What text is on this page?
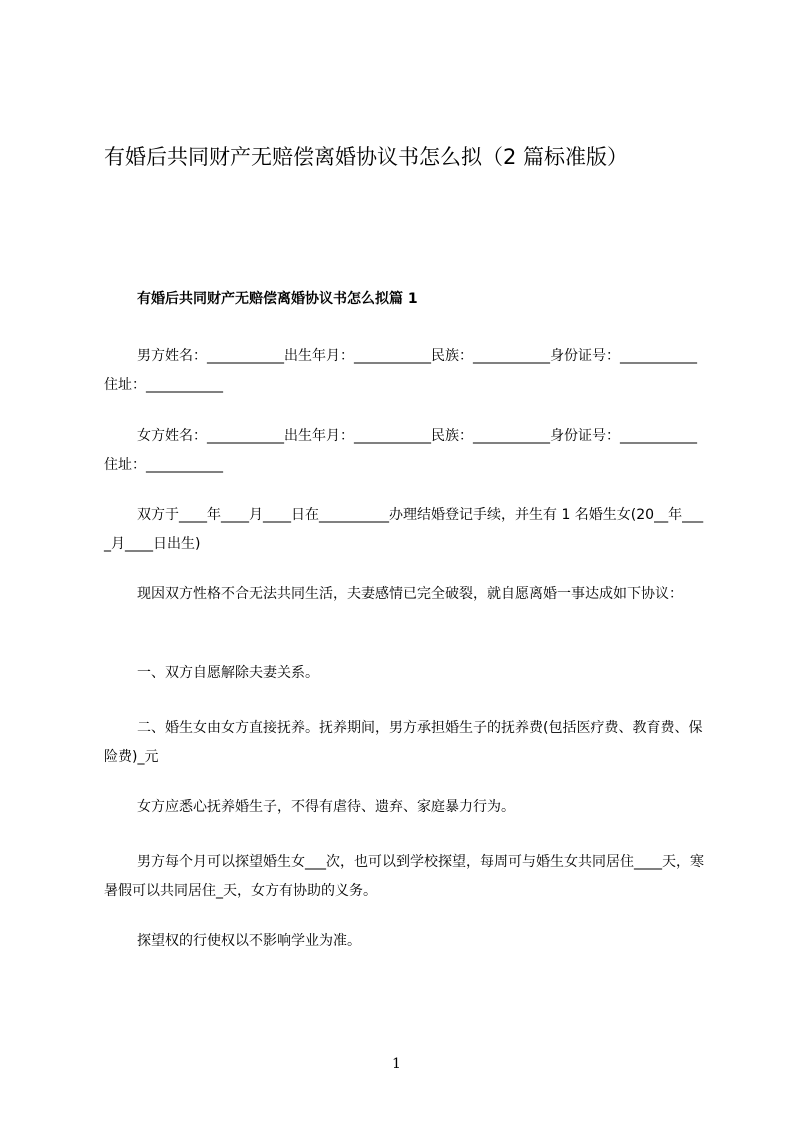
有婚后共同财产无赔偿离婚协议书怎么拟（2 篇标准版）
有婚后共同财产无赔偿离婚协议书怎么拟篇 1

男方姓名：___________出生年月：___________民族：___________身份证号：___________住址：___________

女方姓名：___________出生年月：___________民族：___________身份证号：___________住址：___________

双方于____年____月____日在__________办理结婚登记手续，并生有 1 名婚生女(20__年____月____日出生)

现因双方性格不合无法共同生活，夫妻感情已完全破裂，就自愿离婚一事达成如下协议：

一、双方自愿解除夫妻关系。

二、婚生女由女方直接抚养。抚养期间，男方承担婚生子的抚养费(包括医疗费、教育费、保险费)_元

女方应悉心抚养婚生子，不得有虐待、遗弃、家庭暴力行为。

男方每个月可以探望婚生女___次，也可以到学校探望，每周可与婚生女共同居住____天，寒暑假可以共同居住_天，女方有协助的义务。

探望权的行使权以不影响学业为准。

1
